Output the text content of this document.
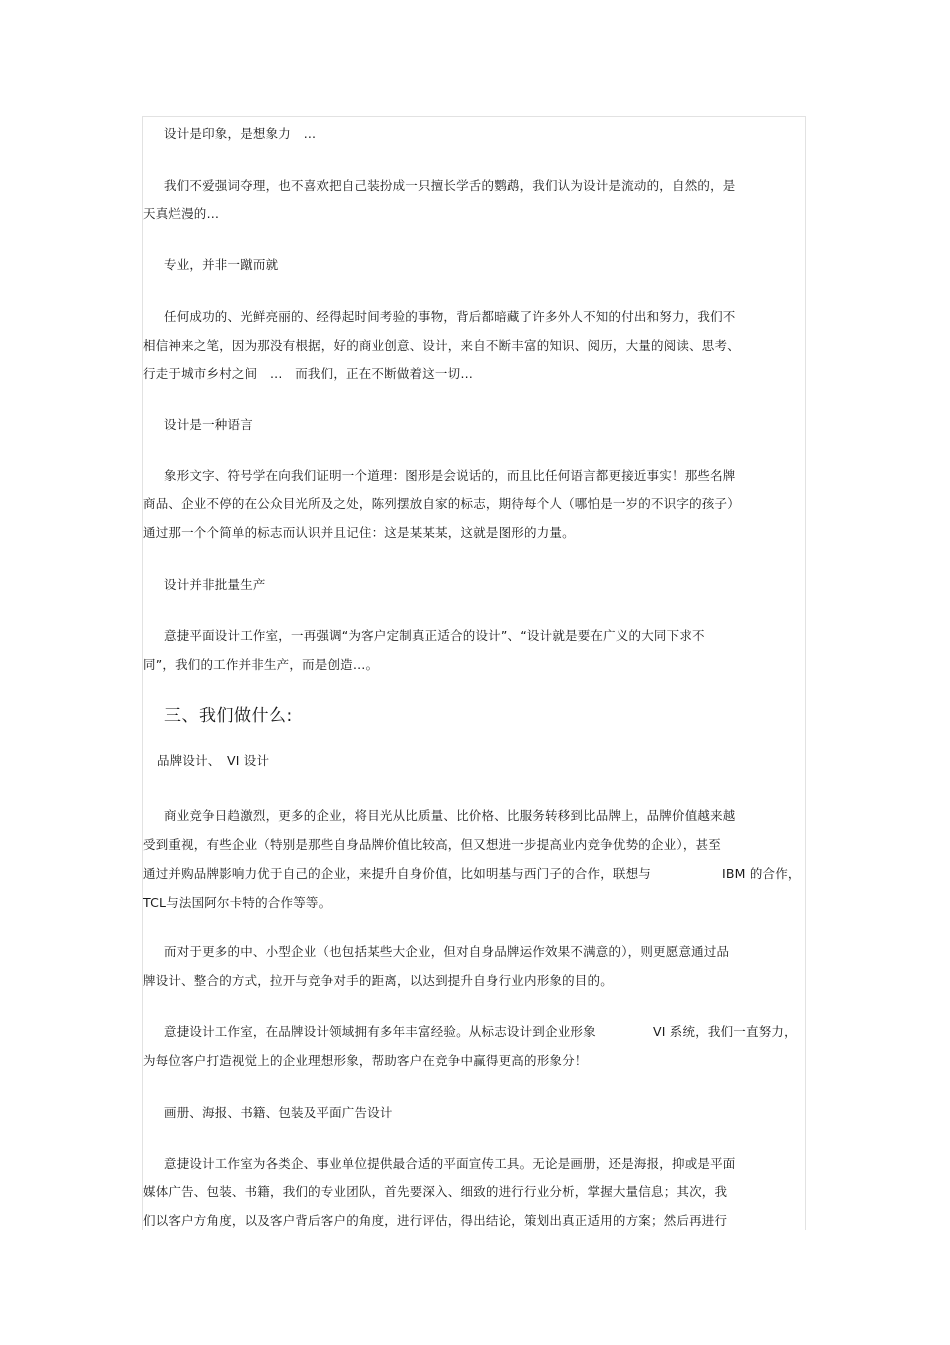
设计是印象，是想象力　...
我们不爱强词夺理，也不喜欢把自己装扮成一只擅长学舌的鹦鹉，我们认为设计是流动的，自然的，是
天真烂漫的…
专业，并非一蹴而就
任何成功的、光鲜亮丽的、经得起时间考验的事物，背后都暗藏了许多外人不知的付出和努力，我们不
相信神来之笔，因为那没有根据，好的商业创意、设计，来自不断丰富的知识、阅历，大量的阅读、思考、
行走于城市乡村之间　...　而我们，正在不断做着这一切…
设计是一种语言
象形文字、符号学在向我们证明一个道理：图形是会说话的，而且比任何语言都更接近事实！那些名牌
商品、企业不停的在公众目光所及之处，陈列摆放自家的标志，期待每个人（哪怕是一岁的不识字的孩子）
通过那一个个简单的标志而认识并且记住：这是某某某，这就是图形的力量。
设计并非批量生产
意捷平面设计工作室，一再强调“为客户定制真正适合的设计”、“设计就是要在广义的大同下求不
同”，我们的工作并非生产，而是创造…。
三、我们做什么:
品牌设计、　VI 设计
商业竞争日趋激烈，更多的企业，将目光从比质量、比价格、比服务转移到比品牌上，品牌价值越来越
受到重视，有些企业（特别是那些自身品牌价值比较高，但又想进一步提高业内竞争优势的企业），甚至
通过并购品牌影响力优于自己的企业，来提升自身价值，比如明基与西门子的合作，联想与	IBM 的合作，
TCL与法国阿尔卡特的合作等等。
而对于更多的中、小型企业（也包括某些大企业，但对自身品牌运作效果不满意的），则更愿意通过品
牌设计、整合的方式，拉开与竞争对手的距离，以达到提升自身行业内形象的目的。
意捷设计工作室，在品牌设计领域拥有多年丰富经验。从标志设计到企业形象	VI 系统，我们一直努力，
为每位客户打造视觉上的企业理想形象，帮助客户在竞争中赢得更高的形象分！
画册、海报、书籍、包装及平面广告设计
意捷设计工作室为各类企、事业单位提供最合适的平面宣传工具。无论是画册，还是海报，抑或是平面
媒体广告、包装、书籍，我们的专业团队，首先要深入、细致的进行行业分析，掌握大量信息；其次，我
们以客户方角度，以及客户背后客户的角度，进行评估，得出结论，策划出真正适用的方案；然后再进行
